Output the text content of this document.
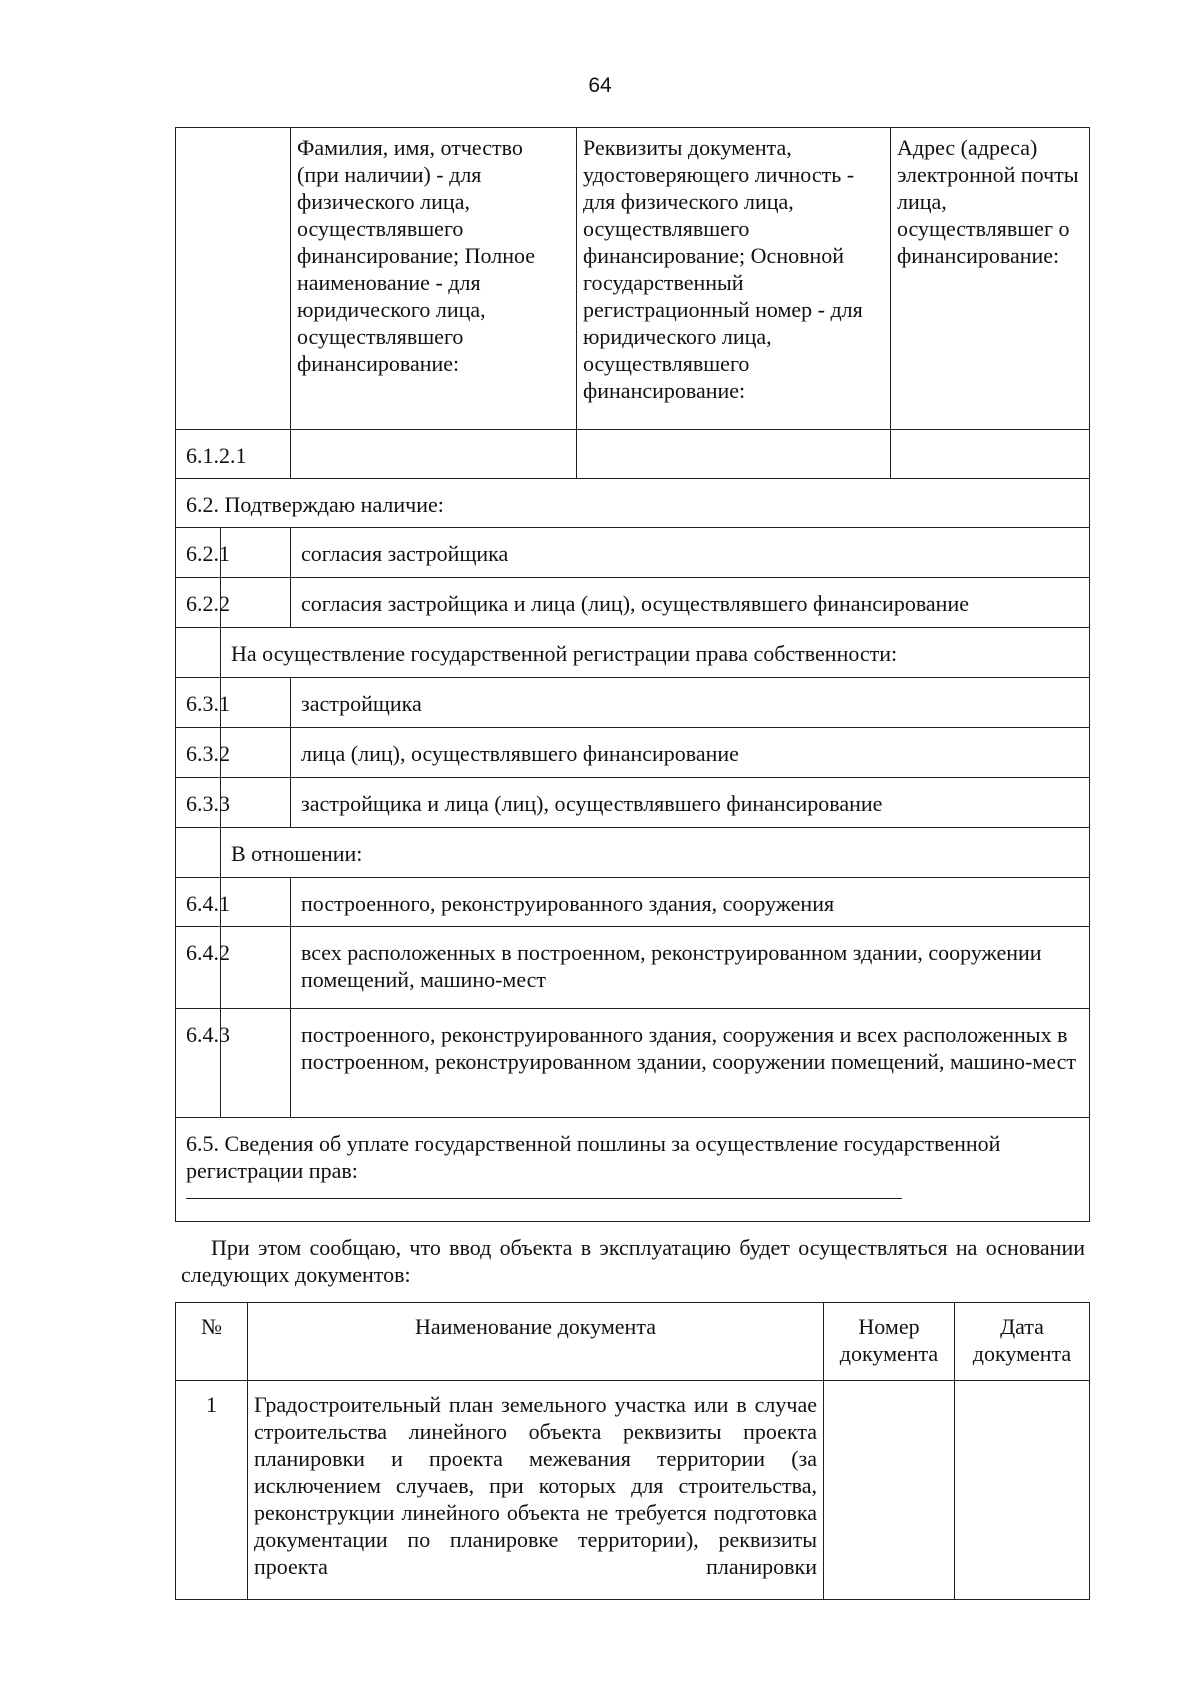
64
		Фамилия, имя, отчество (при наличии) - для физического лица, осуществлявшего финансирование; Полное наименование - для юридического лица, осуществлявшего финансирование:	Реквизиты документа, удостоверяющего личность - для физического лица, осуществлявшего финансирование; Основной государственный регистрационный номер - для юридического лица, осуществлявшего финансирование:	Адрес (адреса) электронной почты лица, осуществлявшег о финансирование:
6.1.2.1				
6.2. Подтверждаю наличие:				
6.2.1		согласия застройщика		
6.2.2		согласия застройщика и лица (лиц), осуществлявшего финансирование		
	На осуществление государственной регистрации права собственности:			
6.3.1		застройщика		
6.3.2		лица (лиц), осуществлявшего финансирование		
6.3.3		застройщика и лица (лиц), осуществлявшего финансирование		
	В отношении:			
6.4.1		построенного, реконструированного здания, сооружения		
6.4.2		всех расположенных в построенном, реконструированном здании, сооружении помещений, машино-мест		
6.4.3		построенного, реконструированного здания, сооружения и всех расположенных в построенном, реконструированном здании, сооружении помещений, машино-мест		

6.5. Сведения об уплате государственной пошлины за осуществление государственной регистрации прав:				
При этом сообщаю, что ввод объекта в эксплуатацию будет осуществляться на основании следующих документов:
№	Наименование документа	Номер документа	Дата документа
1	Градостроительный план земельного участка или в случае строительства линейного объекта реквизиты проекта планировки и проекта межевания территории (за исключением случаев, при которых для строительства, реконструкции линейного объекта не требуется подготовка документации по планировке территории), реквизиты проекта планировки		
